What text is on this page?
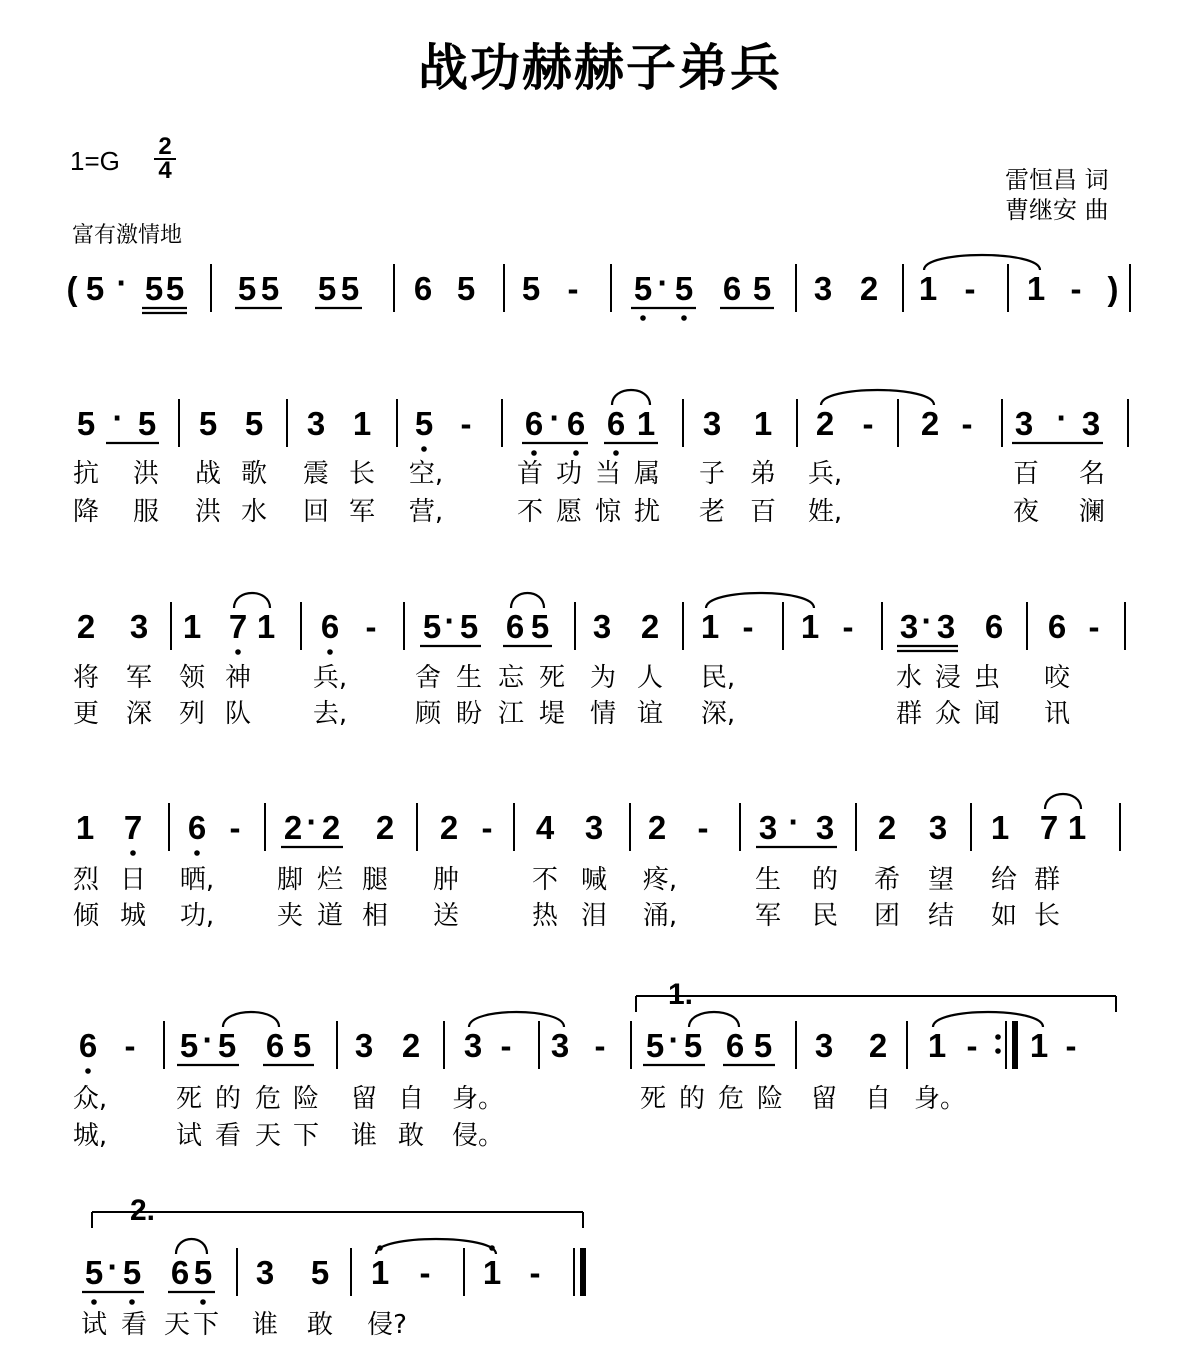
战功赫赫子弟兵
$1=G \frac{2}{4}$	雷恒昌 词
曹继安 曲
富有激情地
( 5 · 5 5 5 5 5 5 6 5 5 - 5 · 5 6 5 3 2 1 - 1 - )
5 · 5 5 5 3 1 5 - 6 · 6 6 1 3 1 2 - 2 - 3 · 3
抗 洪 战 歌 震 长 空,	首 功 当 属 子 弟 兵,	百 名
降 服 洪 水 回 军 营,	不 愿 惊 扰 老 百 姓,	夜 澜
2 3 1 7 1 6 - 5 · 5 6 5 3 2 1 - 1 - 3 · 3 6 6 -
将 军 领 神 兵,	舍 生 忘 死 为 人 民,	水 浸 虫 咬
更 深 列 队 去,	顾 盼 江 堤 情 谊 深,	群 众 闻 讯
1 7 6 - 2 · 2 2 2 - 4 3 2 - 3 · 3 2 3 1 7 1
烈 日 晒, 脚 烂 腿 肿	不 喊 疼,	生 的 希 望 给 群
倾 城 功, 夹 道 相 送	热 泪 涌,	军 民 团 结 如 长
6 - 5 · 5 6 5 3 2 3 - 3 - 5 · 5 6 5 3 2 1 - 1 -
众,	死 的 危 险 留 自 身。	死 的 危 险 留 自 身。
城,	试 看 天 下 谁 敢 侵。
5 · 5 6 5 3 5 1 - 1 -
试 看 天 下 谁 敢 侵?
1.
2.
